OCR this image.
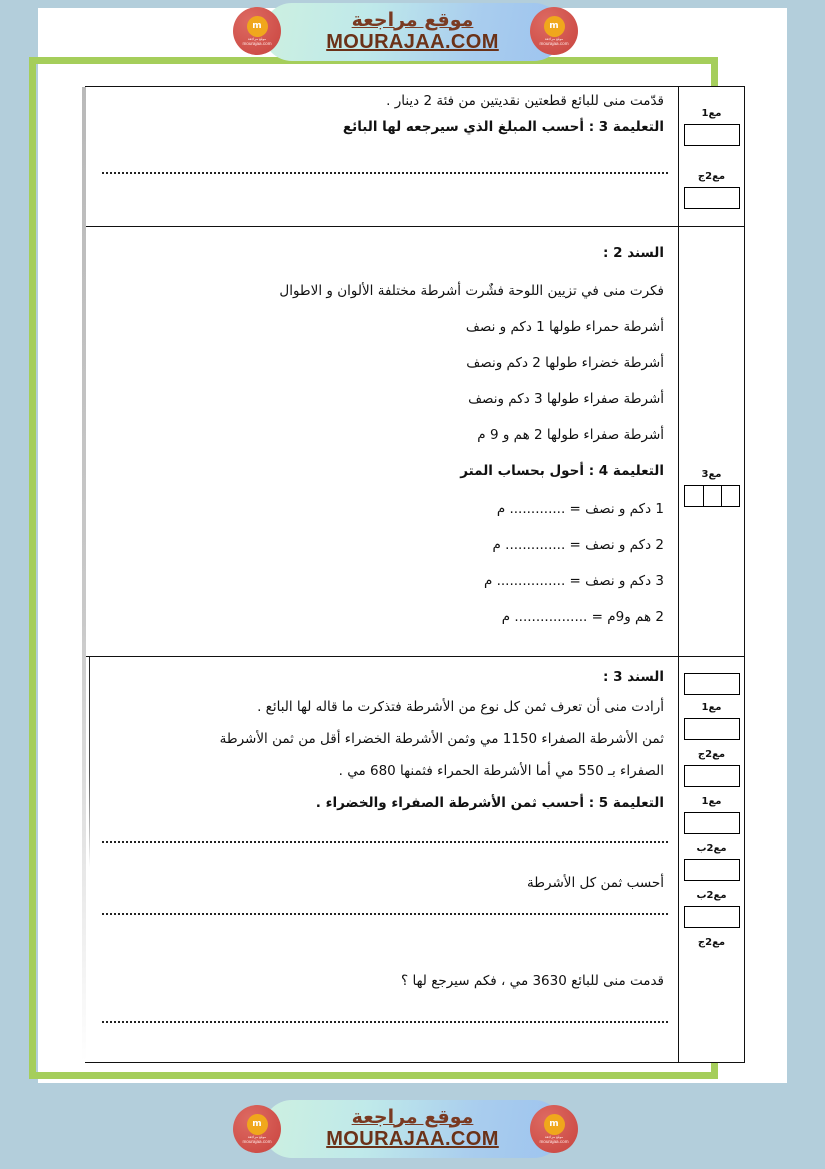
موقع مراجعة
MOURAJAA.COM
m
موقع مراجعة
mourajaa.com
m
موقع مراجعة
mourajaa.com
قدّمت منى للبائع قطعتين نقديتين من فئة 2 دينار .
التعليمة 3 : أحسب المبلغ الذي سيرجعه لها البائع
مع1
مع2ج
السند 2 :
فكرت منى في تزيين اللوحة فشٌرت أشرطة مختلفة الألوان و الاطوال
أشرطة حمراء طولها 1 دكم و نصف
أشرطة خضراء طولها 2 دكم ونصف
أشرطة صفراء طولها 3 دكم ونصف
أشرطة صفراء طولها 2 هم و 9 م
التعليمة 4 : أحول بحساب المتر
1 دكم و نصف = ............. م
2 دكم و نصف = .............. م
3 دكم و نصف = ................ م
2 هم و9م = ................. م
مع3
السند 3 :
أرادت منى أن تعرف ثمن كل نوع من الأشرطة فتذكرت ما قاله لها البائع .
ثمن الأشرطة الصفراء 1150 مي وثمن الأشرطة الخضراء أقل من ثمن الأشرطة
الصفراء بـ 550 مي أما الأشرطة الحمراء فثمنها 680 مي .
التعليمة 5 : أحسب ثمن الأشرطة الصفراء والخضراء .
أحسب ثمن كل الأشرطة
قدمت منى للبائع 3630 مي ، فكم سيرجع لها ؟
مع1
مع2ج
مع1
مع2ب
مع2ب
مع2ج
موقع مراجعة
MOURAJAA.COM
m
موقع مراجعة
mourajaa.com
m
موقع مراجعة
mourajaa.com
